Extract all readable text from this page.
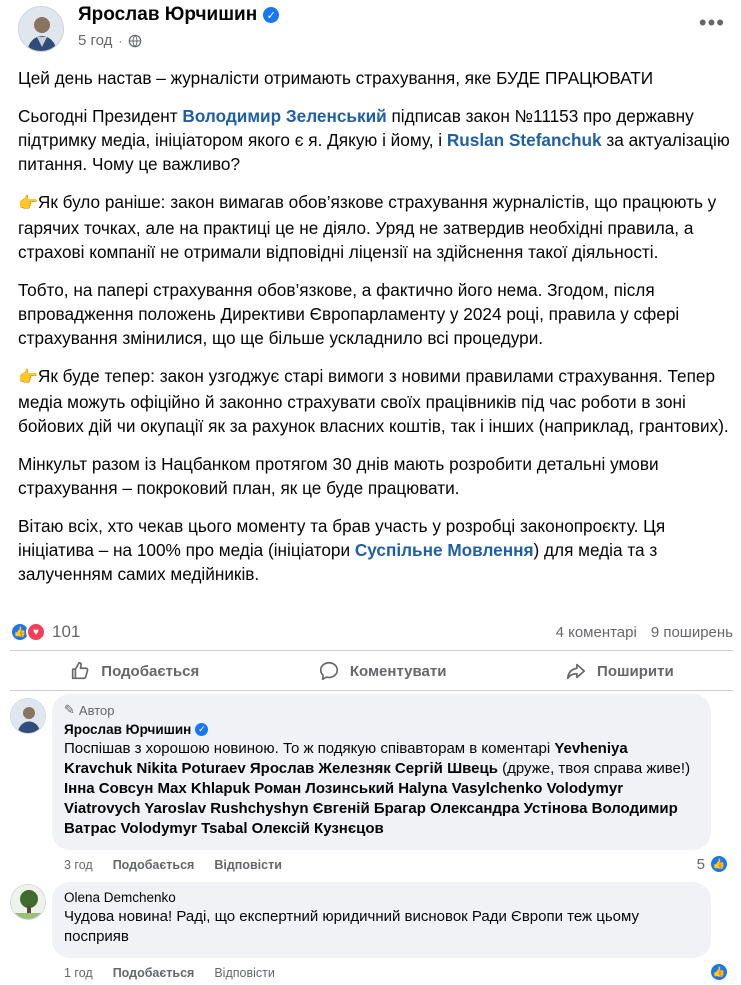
Ярослав Юрчишин ✓
5 год ·
•••

Цей день настав – журналісти отримають страхування, яке БУДЕ ПРАЦЮВАТИ

Сьогодні Президент Володимир Зеленський підписав закон №11153 про державну підтримку медіа, ініціатором якого є я. Дякую і йому, і Ruslan Stefanchuk за актуалізацію питання. Чому це важливо?

👉Як було раніше: закон вимагав обов’язкове страхування журналістів, що працюють у гарячих точках, але на практиці це не діяло. Уряд не затвердив необхідні правила, а страхові компанії не отримали відповідні ліцензії на здійснення такої діяльності.

Тобто, на папері страхування обов’язкове, а фактично його нема. Згодом, після впровадження положень Директиви Європарламенту у 2024 році, правила у сфері страхування змінилися, що ще більше ускладнило всі процедури.

👉Як буде тепер: закон узгоджує старі вимоги з новими правилами страхування. Тепер медіа можуть офіційно й законно страхувати своїх працівників під час роботи в зоні бойових дій чи окупації як за рахунок власних коштів, так і інших (наприклад, грантових).

Мінкульт разом із Нацбанком протягом 30 днів мають розробити детальні умови страхування – покроковий план, як це буде працювати.

Вітаю всіх, хто чекав цього моменту та брав участь у розробці законопроєкту. Ця ініціатива – на 100% про медіа (ініціатори Суспільне Мовлення) для медіа та з залученням самих медійників.

👍 ♥ 101	4 коментарі 9 поширень
Подобається	Коментувати	Поширити
✎ Автор
Ярослав Юрчишин ✓
Поспішав з хорошою новиною. То ж подякую співавторам в коментарі Yevheniya Kravchuk Nikita Poturaev Ярослав Железняк Сергій Швець (друже, твоя справа живе!) Інна Совсун Max Khlapuk Роман Лозинський Halyna Vasylchenko Volodymyr Viatrovych Yaroslav Rushchyshyn Євгеній Брагар Олександра Устінова Володимир Ватрас Volodymyr Tsabal Олексій Кузнєцов
3 год Подобається Відповісти	5 👍
Olena Demchenko
Чудова новина! Раді, що експертний юридичний висновок Ради Європи теж цьому посприяв
1 год Подобається Відповісти	👍
